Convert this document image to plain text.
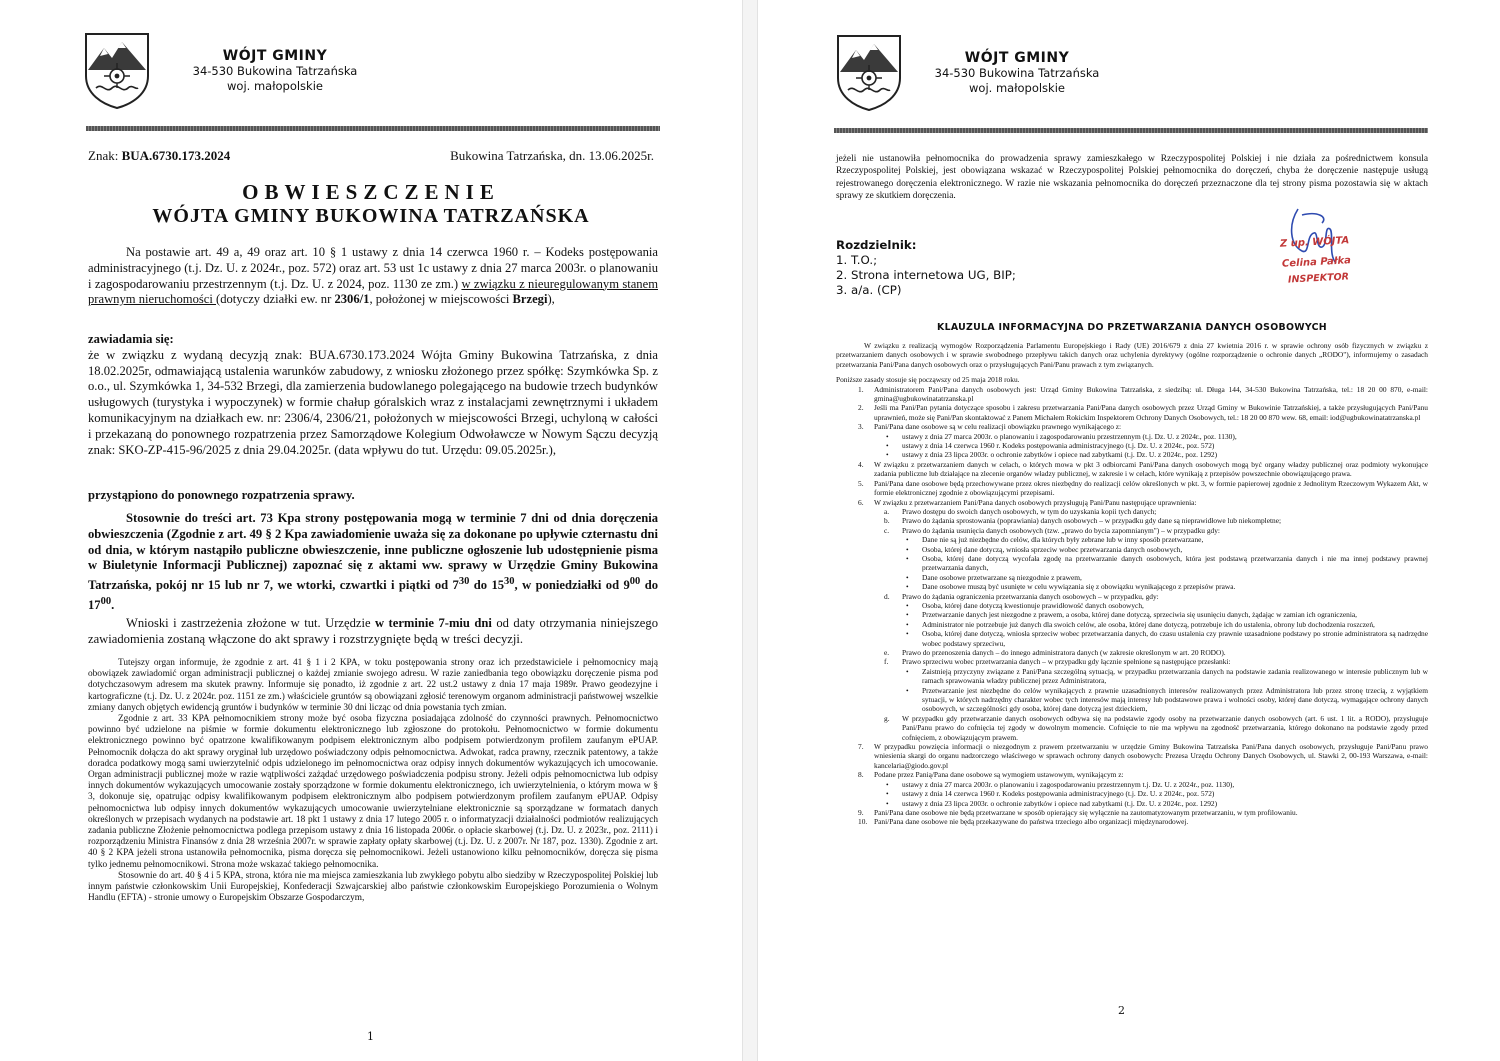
WÓJT GMINY
34-530 Bukowina Tatrzańska
woj. małopolskie
Znak: BUA.6730.173.2024	Bukowina Tatrzańska, dn. 13.06.2025r.
OBWIESZCZENIE
WÓJTA GMINY BUKOWINA TATRZAŃSKA

Na postawie art. 49 a, 49 oraz art. 10 § 1 ustawy z dnia 14 czerwca 1960 r. – Kodeks postępowania administracyjnego (t.j. Dz. U. z 2024r., poz. 572) oraz art. 53 ust 1c ustawy z dnia 27 marca 2003r. o planowaniu i zagospodarowaniu przestrzennym (t.j. Dz. U. z 2024, poz. 1130 ze zm.) w związku z nieuregulowanym stanem prawnym nieruchomości (dotyczy działki ew. nr 2306/1, położonej w miejscowości Brzegi),

zawiadamia się:

że w związku z wydaną decyzją znak: BUA.6730.173.2024 Wójta Gminy Bukowina Tatrzańska, z dnia 18.02.2025r, odmawiającą ustalenia warunków zabudowy, z wniosku złożonego przez spółkę: Szymkówka Sp. z o.o., ul. Szymkówka 1, 34-532 Brzegi, dla zamierzenia budowlanego polegającego na budowie trzech budynków usługowych (turystyka i wypoczynek) w formie chałup góralskich wraz z instalacjami zewnętrznymi i układem komunikacyjnym na działkach ew. nr: 2306/4, 2306/21, położonych w miejscowości Brzegi, uchyloną w całości i przekazaną do ponownego rozpatrzenia przez Samorządowe Kolegium Odwoławcze w Nowym Sączu decyzją znak: SKO-ZP-415-96/2025 z dnia 29.04.2025r. (data wpływu do tut. Urzędu: 09.05.2025r.),

przystąpiono do ponownego rozpatrzenia sprawy.

Stosownie do treści art. 73 Kpa strony postępowania mogą w terminie 7 dni od dnia doręczenia obwieszczenia (Zgodnie z art. 49 § 2 Kpa zawiadomienie uważa się za dokonane po upływie czternastu dni od dnia, w którym nastąpiło publiczne obwieszczenie, inne publiczne ogłoszenie lub udostępnienie pisma w Biuletynie Informacji Publicznej) zapoznać się z aktami ww. sprawy w Urzędzie Gminy Bukowina Tatrzańska, pokój nr 15 lub nr 7, we wtorki, czwartki i piątki od $7^{30}$ do $15^{30}$, w poniedziałki od $9^{00}$ do $17^{00}$.

Wnioski i zastrzeżenia złożone w tut. Urzędzie w terminie 7-miu dni od daty otrzymania niniejszego zawiadomienia zostaną włączone do akt sprawy i rozstrzygnięte będą w treści decyzji.

Tutejszy organ informuje, że zgodnie z art. 41 § 1 i 2 KPA, w toku postępowania strony oraz ich przedstawiciele i pełnomocnicy mają obowiązek zawiadomić organ administracji publicznej o każdej zmianie swojego adresu. W razie zaniedbania tego obowiązku doręczenie pisma pod dotychczasowym adresem ma skutek prawny. Informuje się ponadto, iż zgodnie z art. 22 ust.2 ustawy z dnia 17 maja 1989r. Prawo geodezyjne i kartograficzne (t.j. Dz. U. z 2024r. poz. 1151 ze zm.) właściciele gruntów są obowiązani zgłosić terenowym organom administracji państwowej wszelkie zmiany danych objętych ewidencją gruntów i budynków w terminie 30 dni licząc od dnia powstania tych zmian.

Zgodnie z art. 33 KPA pełnomocnikiem strony może być osoba fizyczna posiadająca zdolność do czynności prawnych. Pełnomocnictwo powinno być udzielone na piśmie w formie dokumentu elektronicznego lub zgłoszone do protokołu. Pełnomocnictwo w formie dokumentu elektronicznego powinno być opatrzone kwalifikowanym podpisem elektronicznym albo podpisem potwierdzonym profilem zaufanym ePUAP. Pełnomocnik dołącza do akt sprawy oryginał lub urzędowo poświadczony odpis pełnomocnictwa. Adwokat, radca prawny, rzecznik patentowy, a także doradca podatkowy mogą sami uwierzytelnić odpis udzielonego im pełnomocnictwa oraz odpisy innych dokumentów wykazujących ich umocowanie. Organ administracji publicznej może w razie wątpliwości zażądać urzędowego poświadczenia podpisu strony. Jeżeli odpis pełnomocnictwa lub odpisy innych dokumentów wykazujących umocowanie zostały sporządzone w formie dokumentu elektronicznego, ich uwierzytelnienia, o którym mowa w § 3, dokonuje się, opatrując odpisy kwalifikowanym podpisem elektronicznym albo podpisem potwierdzonym profilem zaufanym ePUAP. Odpisy pełnomocnictwa lub odpisy innych dokumentów wykazujących umocowanie uwierzytelniane elektronicznie są sporządzane w formatach danych określonych w przepisach wydanych na podstawie art. 18 pkt 1 ustawy z dnia 17 lutego 2005 r. o informatyzacji działalności podmiotów realizujących zadania publiczne Złożenie pełnomocnictwa podlega przepisom ustawy z dnia 16 listopada 2006r. o opłacie skarbowej (t.j. Dz. U. z 2023r., poz. 2111) i rozporządzeniu Ministra Finansów z dnia 28 września 2007r. w sprawie zapłaty opłaty skarbowej (t.j. Dz. U. z 2007r. Nr 187, poz. 1330). Zgodnie z art. 40 § 2 KPA jeżeli strona ustanowiła pełnomocnika, pisma doręcza się pełnomocnikowi. Jeżeli ustanowiono kilku pełnomocników, doręcza się pisma tylko jednemu pełnomocnikowi. Strona może wskazać takiego pełnomocnika.

Stosownie do art. 40 § 4 i 5 KPA, strona, która nie ma miejsca zamieszkania lub zwykłego pobytu albo siedziby w Rzeczypospolitej Polskiej lub innym państwie członkowskim Unii Europejskiej, Konfederacji Szwajcarskiej albo państwie członkowskim Europejskiego Porozumienia o Wolnym Handlu (EFTA) - stronie umowy o Europejskim Obszarze Gospodarczym,

1
WÓJT GMINY
34-530 Bukowina Tatrzańska
woj. małopolskie
jeżeli nie ustanowiła pełnomocnika do prowadzenia sprawy zamieszkałego w Rzeczypospolitej Polskiej i nie działa za pośrednictwem konsula Rzeczypospolitej Polskiej, jest obowiązana wskazać w Rzeczypospolitej Polskiej pełnomocnika do doręczeń, chyba że doręczenie następuje usługą rejestrowanego doręczenia elektronicznego. W razie nie wskazania pełnomocnika do doręczeń przeznaczone dla tej strony pisma pozostawia się w aktach sprawy ze skutkiem doręczenia.
Rozdzielnik:
1. T.O.;
2. Strona internetowa UG, BIP;
3. a/a. (CP)
Z up. WÓJTA
Celina Pałka
INSPEKTOR
KLAUZULA INFORMACYJNA DO PRZETWARZANIA DANYCH OSOBOWYCH

W związku z realizacją wymogów Rozporządzenia Parlamentu Europejskiego i Rady (UE) 2016/679 z dnia 27 kwietnia 2016 r. w sprawie ochrony osób fizycznych w związku z przetwarzaniem danych osobowych i w sprawie swobodnego przepływu takich danych oraz uchylenia dyrektywy (ogólne rozporządzenie o ochronie danych „RODO"), informujemy o zasadach przetwarzania Pani/Pana danych osobowych oraz o przysługujących Pani/Panu prawach z tym związanych.

Poniższe zasady stosuje się począwszy od 25 maja 2018 roku.

1. Administratorem Pani/Pana danych osobowych jest: Urząd Gminy Bukowina Tatrzańska, z siedzibą: ul. Długa 144, 34-530 Bukowina Tatrzańska, tel.: 18 20 00 870, e-mail: gmina@ugbukowinatatrzanska.pl
2. Jeśli ma Pani/Pan pytania dotyczące sposobu i zakresu przetwarzania Pani/Pana danych osobowych przez Urząd Gminy w Bukowinie Tatrzańskiej, a także przysługujących Pani/Panu uprawnień, może się Pani/Pan skontaktować z Panem Michałem Rokickim Inspektorem Ochrony Danych Osobowych, tel.: 18 20 00 870 wew. 68, email: iod@ugbukowinatatrzanska.pl
3. Pani/Pana dane osobowe są w celu realizacji obowiązku prawnego wynikającego z:
• ustawy z dnia 27 marca 2003r. o planowaniu i zagospodarowaniu przestrzennym (t.j. Dz. U. z 2024r., poz. 1130),
• ustawy z dnia 14 czerwca 1960 r. Kodeks postępowania administracyjnego (t.j. Dz. U. z 2024r., poz. 572)
• ustawy z dnia 23 lipca 2003r. o ochronie zabytków i opiece nad zabytkami (t.j. Dz. U. z 2024r., poz. 1292)
4. W związku z przetwarzaniem danych w celach, o których mowa w pkt 3 odbiorcami Pani/Pana danych osobowych mogą być organy władzy publicznej oraz podmioty wykonujące zadania publiczne lub działające na zlecenie organów władzy publicznej, w zakresie i w celach, które wynikają z przepisów powszechnie obowiązującego prawa.
5. Pani/Pana dane osobowe będą przechowywane przez okres niezbędny do realizacji celów określonych w pkt. 3, w formie papierowej zgodnie z Jednolitym Rzeczowym Wykazem Akt, w formie elektronicznej zgodnie z obowiązującymi przepisami.
6. W związku z przetwarzaniem Pani/Pana danych osobowych przysługują Pani/Panu następujące uprawnienia:
a. Prawo dostępu do swoich danych osobowych, w tym do uzyskania kopii tych danych;
b. Prawo do żądania sprostowania (poprawiania) danych osobowych – w przypadku gdy dane są nieprawidłowe lub niekompletne;
c. Prawo do żądania usunięcia danych osobowych (tzw. „prawo do bycia zapomnianym") – w przypadku gdy:
• Dane nie są już niezbędne do celów, dla których były zebrane lub w inny sposób przetwarzane,
• Osoba, której dane dotyczą, wniosła sprzeciw wobec przetwarzania danych osobowych,
• Osoba, której dane dotyczą wycofała zgodę na przetwarzanie danych osobowych, która jest podstawą przetwarzania danych i nie ma innej podstawy prawnej przetwarzania danych,
• Dane osobowe przetwarzane są niezgodnie z prawem,
• Dane osobowe muszą być usunięte w celu wywiązania się z obowiązku wynikającego z przepisów prawa.
d. Prawo do żądania ograniczenia przetwarzania danych osobowych – w przypadku, gdy:
• Osoba, której dane dotyczą kwestionuje prawidłowość danych osobowych,
• Przetwarzanie danych jest niezgodne z prawem, a osoba, której dane dotyczą, sprzeciwia się usunięciu danych, żądając w zamian ich ograniczenia,
• Administrator nie potrzebuje już danych dla swoich celów, ale osoba, której dane dotyczą, potrzebuje ich do ustalenia, obrony lub dochodzenia roszczeń,
• Osoba, której dane dotyczą, wniosła sprzeciw wobec przetwarzania danych, do czasu ustalenia czy prawnie uzasadnione podstawy po stronie administratora są nadrzędne wobec podstawy sprzeciwu,
e. Prawo do przenoszenia danych – do innego administratora danych (w zakresie określonym w art. 20 RODO).
f. Prawo sprzeciwu wobec przetwarzania danych – w przypadku gdy łącznie spełnione są następujące przesłanki:
• Zaistnieją przyczyny związane z Pani/Pana szczególną sytuacją, w przypadku przetwarzania danych na podstawie zadania realizowanego w interesie publicznym lub w ramach sprawowania władzy publicznej przez Administratora,
• Przetwarzanie jest niezbędne do celów wynikających z prawnie uzasadnionych interesów realizowanych przez Administratora lub przez stronę trzecią, z wyjątkiem sytuacji, w których nadrzędny charakter wobec tych interesów mają interesy lub podstawowe prawa i wolności osoby, której dane dotyczą, wymagające ochrony danych osobowych, w szczególności gdy osoba, której dane dotyczą jest dzieckiem,
g. W przypadku gdy przetwarzanie danych osobowych odbywa się na podstawie zgody osoby na przetwarzanie danych osobowych (art. 6 ust. 1 lit. a RODO), przysługuje Pani/Panu prawo do cofnięcia tej zgody w dowolnym momencie. Cofnięcie to nie ma wpływu na zgodność przetwarzania, którego dokonano na podstawie zgody przed cofnięciem, z obowiązującym prawem.
7. W przypadku powzięcia informacji o niezgodnym z prawem przetwarzaniu w urzędzie Gminy Bukowina Tatrzańska Pani/Pana danych osobowych, przysługuje Pani/Panu prawo wniesienia skargi do organu nadzorczego właściwego w sprawach ochrony danych osobowych: Prezesa Urzędu Ochrony Danych Osobowych, ul. Stawki 2, 00-193 Warszawa, e-mail: kancelaria@giodo.gov.pl
8. Podane przez Panią/Pana dane osobowe są wymogiem ustawowym, wynikającym z:
• ustawy z dnia 27 marca 2003r. o planowaniu i zagospodarowaniu przestrzennym t.j. Dz. U. z 2024r., poz. 1130),
• ustawy z dnia 14 czerwca 1960 r. Kodeks postępowania administracyjnego (t.j. Dz. U. z 2024r., poz. 572)
• ustawy z dnia 23 lipca 2003r. o ochronie zabytków i opiece nad zabytkami (t.j. Dz. U. z 2024r., poz. 1292)
9. Pani/Pana dane osobowe nie będą przetwarzane w sposób opierający się wyłącznie na zautomatyzowanym przetwarzaniu, w tym profilowaniu.
10. Pani/Pana dane osobowe nie będą przekazywane do państwa trzeciego albo organizacji międzynarodowej.
2
